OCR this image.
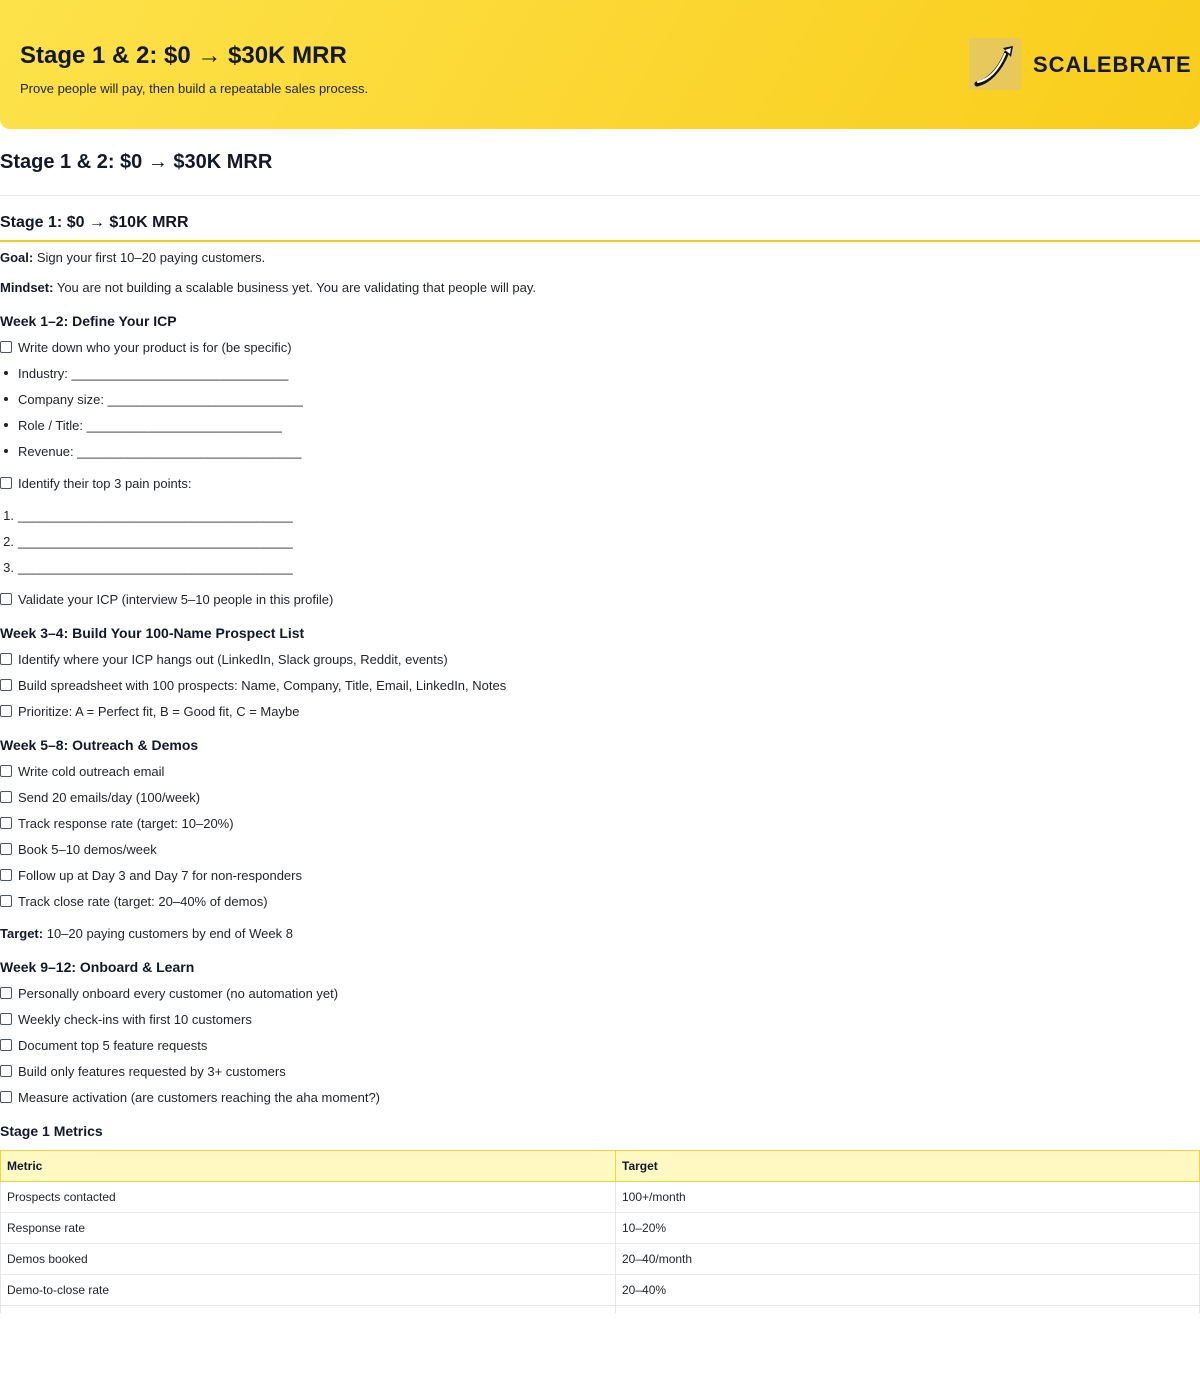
Stage 1 & 2: $0 → $30K MRR
Prove people will pay, then build a repeatable sales process.
SCALEBRATE
Stage 1 & 2: $0 → $30K MRR
Stage 1: $0 → $10K MRR
Goal: Sign your first 10–20 paying customers.
Mindset: You are not building a scalable business yet. You are validating that people will pay.
Week 1–2: Define Your ICP
Write down who your product is for (be specific)
Industry: ______________________________
Company size: ___________________________
Role / Title: ___________________________
Revenue: _______________________________
Identify their top 3 pain points:
1. ______________________________________
2. ______________________________________
3. ______________________________________
Validate your ICP (interview 5–10 people in this profile)
Week 3–4: Build Your 100-Name Prospect List
Identify where your ICP hangs out (LinkedIn, Slack groups, Reddit, events)
Build spreadsheet with 100 prospects: Name, Company, Title, Email, LinkedIn, Notes
Prioritize: A = Perfect fit, B = Good fit, C = Maybe
Week 5–8: Outreach & Demos
Write cold outreach email
Send 20 emails/day (100/week)
Track response rate (target: 10–20%)
Book 5–10 demos/week
Follow up at Day 3 and Day 7 for non-responders
Track close rate (target: 20–40% of demos)
Target: 10–20 paying customers by end of Week 8
Week 9–12: Onboard & Learn
Personally onboard every customer (no automation yet)
Weekly check-ins with first 10 customers
Document top 5 feature requests
Build only features requested by 3+ customers
Measure activation (are customers reaching the aha moment?)
Stage 1 Metrics
Metric	Target
Prospects contacted	100+/month
Response rate	10–20%
Demos booked	20–40/month
Demo-to-close rate	20–40%
